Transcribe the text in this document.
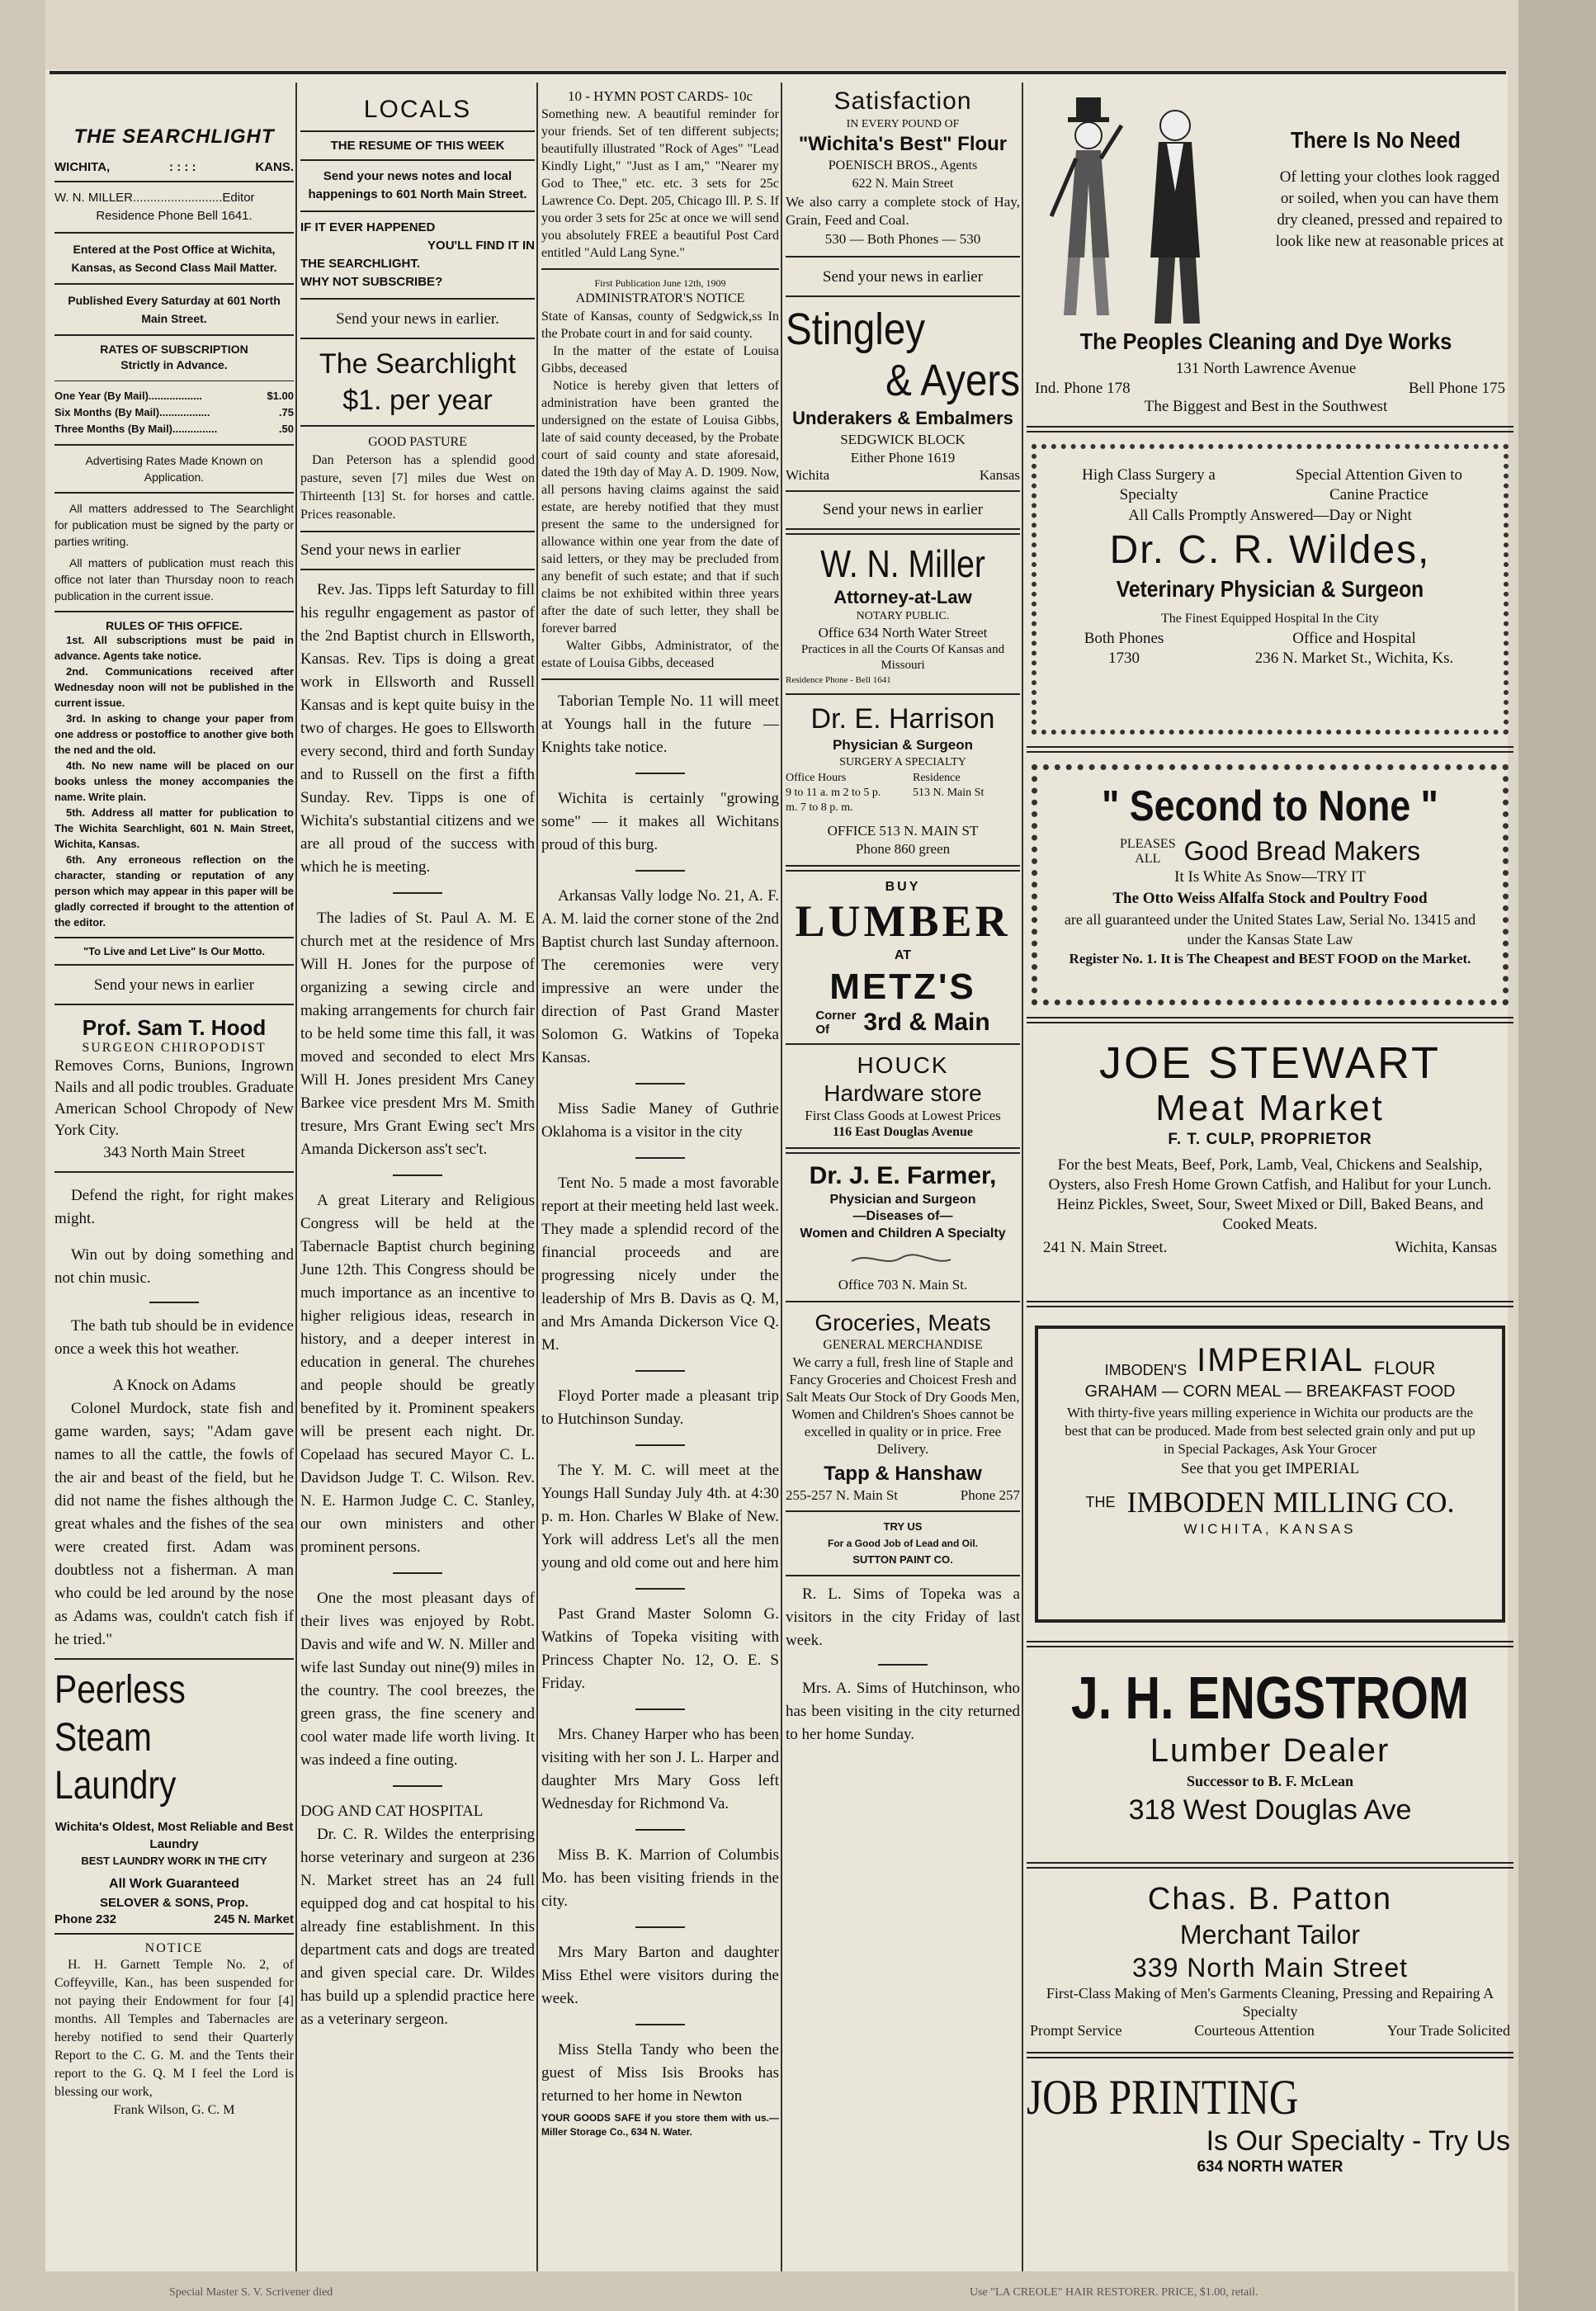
THE SEARCHLIGHT
WICHITA,	: : : :	KANS.

W. N. MILLER..........................Editor

Residence Phone Bell 1641.

Entered at the Post Office at Wichita, Kansas, as Second Class Mail Matter.

Published Every Saturday at 601 North Main Street.

RATES OF SUBSCRIPTION

Strictly in Advance.

One Year (By Mail)..................	$1.00
Six Months (By Mail).................	.75
Three Months (By Mail)...............	.50

Advertising Rates Made Known on Application.

All matters addressed to The Searchlight for publication must be signed by the party or parties writing.

All matters of publication must reach this office not later than Thursday noon to reach publication in the current issue.

RULES OF THIS OFFICE.

1st. All subscriptions must be paid in advance. Agents take notice.

2nd. Communications received after Wednesday noon will not be published in the current issue.

3rd. In asking to change your paper from one address or postoffice to another give both the ned and the old.

4th. No new name will be placed on our books unless the money accompanies the name. Write plain.

5th. Address all matter for publication to The Wichita Searchlight, 601 N. Main Street, Wichita, Kansas.

6th. Any erroneous reflection on the character, standing or reputation of any person which may appear in this paper will be gladly corrected if brought to the attention of the editor.

"To Live and Let Live" Is Our Motto.

Send your news in earlier

Prof. Sam T. Hood

SURGEON CHIROPODIST

Removes Corns, Bunions, Ingrown Nails and all podic troubles. Graduate American School Chropody of New York City.

343 North Main Street

Defend the right, for right makes might.

Win out by doing something and not chin music.

The bath tub should be in evidence once a week this hot weather.

A Knock on Adams

Colonel Murdock, state fish and game warden, says; "Adam gave names to all the cattle, the fowls of the air and beast of the field, but he did not name the fishes although the great whales and the fishes of the sea were created first. Adam was doubtless not a fisherman. A man who could be led around by the nose as Adams was, couldn't catch fish if he tried."

Peerless

Steam

Laundry

Wichita's Oldest, Most Reliable and Best Laundry

BEST LAUNDRY WORK IN THE CITY

All Work Guaranteed

SELOVER & SONS, Prop.

Phone 232	245 N. Market

NOTICE

H. H. Garnett Temple No. 2, of Coffeyville, Kan., has been suspended for not paying their Endowment for four [4] months. All Temples and Tabernacles are hereby notified to send their Quarterly Report to the C. G. M. and the Tents their report to the G. Q. M I feel the Lord is blessing our work,

Frank Wilson, G. C. M

LOCALS

THE RESUME OF THIS WEEK

Send your news notes and local happenings to 601 North Main Street.

IF IT EVER HAPPENED

YOU'LL FIND IT IN

THE SEARCHLIGHT.

WHY NOT SUBSCRIBE?

Send your news in earlier.

The Searchlight

$1. per year

GOOD PASTURE

Dan Peterson has a splendid good pasture, seven [7] miles due West on Thirteenth [13] St. for horses and cattle. Prices reasonable.

Send your news in earlier

Rev. Jas. Tipps left Saturday to fill his regulhr engagement as pastor of the 2nd Baptist church in Ellsworth, Kansas. Rev. Tips is doing a great work in Ellsworth and Russell Kansas and is kept quite buisy in the two of charges. He goes to Ellsworth every second, third and forth Sunday and to Russell on the first a fifth Sunday. Rev. Tipps is one of Wichita's substantial citizens and we are all proud of the success with which he is meeting.

The ladies of St. Paul A. M. E church met at the residence of Mrs Will H. Jones for the purpose of organizing a sewing circle and making arrangements for church fair to be held some time this fall, it was moved and seconded to elect Mrs Will H. Jones president Mrs Caney Barkee vice presdent Mrs M. Smith tresure, Mrs Grant Ewing sec't Mrs Amanda Dickerson ass't sec't.

A great Literary and Religious Congress will be held at the Tabernacle Baptist church begining June 12th. This Congress should be much importance as an incentive to higher religious ideas, research in history, and a deeper interest in education in general. The churehes and people should be greatly benefited by it. Prominent speakers will be present each night. Dr. Copelaad has secured Mayor C. L. Davidson Judge T. C. Wilson. Rev. N. E. Harmon Judge C. C. Stanley, our own ministers and other prominent persons.

One the most pleasant days of their lives was enjoyed by Robt. Davis and wife and W. N. Miller and wife last Sunday out nine(9) miles in the country. The cool breezes, the green grass, the fine scenery and cool water made life worth living. It was indeed a fine outing.

DOG AND CAT HOSPITAL

Dr. C. R. Wildes the enterprising horse veterinary and surgeon at 236 N. Market street has an 24 full equipped dog and cat hospital to his already fine establishment. In this department cats and dogs are treated and given special care. Dr. Wildes has build up a splendid practice here as a veterinary sergeon.

10 - HYMN POST CARDS- 10c

Something new. A beautiful reminder for your friends. Set of ten different subjects; beautifully illustrated "Rock of Ages" "Lead Kindly Light," "Just as I am," "Nearer my God to Thee," etc. etc. 3 sets for 25c Lawrence Co. Dept. 205, Chicago Ill. P. S. If you order 3 sets for 25c at once we will send you absolutely FREE a beautiful Post Card entitled "Auld Lang Syne."

First Publication June 12th, 1909

ADMINISTRATOR'S NOTICE

State of Kansas, county of Sedgwick,ss In the Probate court in and for said county.

In the matter of the estate of Louisa Gibbs, deceased

Notice is hereby given that letters of administration have been granted the undersigned on the estate of Louisa Gibbs, late of said county deceased, by the Probate court of said county and state aforesaid, dated the 19th day of May A. D. 1909. Now, all persons having claims against the said estate, are hereby notified that they must present the same to the undersigned for allowance within one year from the date of said letters, or they may be precluded from any benefit of such estate; and that if such claims be not exhibited within three years after the date of such letter, they shall be forever barred

Walter Gibbs, Administrator, of the estate of Louisa Gibbs, deceased

Taborian Temple No. 11 will meet at Youngs hall in the future — Knights take notice.

Wichita is certainly "growing some" — it makes all Wichitans proud of this burg.

Arkansas Vally lodge No. 21, A. F. A. M. laid the corner stone of the 2nd Baptist church last Sunday afternoon. The ceremonies were very impressive an were under the direction of Past Grand Master Solomon G. Watkins of Topeka Kansas.

Miss Sadie Maney of Guthrie Oklahoma is a visitor in the city

Tent No. 5 made a most favorable report at their meeting held last week. They made a splendid record of the financial proceeds and are progressing nicely under the leadership of Mrs B. Davis as Q. M, and Mrs Amanda Dickerson Vice Q. M.

Floyd Porter made a pleasant trip to Hutchinson Sunday.

The Y. M. C. will meet at the Youngs Hall Sunday July 4th. at 4:30 p. m. Hon. Charles W Blake of New. York will address Let's all the men young and old come out and here him

Past Grand Master Solomn G. Watkins of Topeka visiting with Princess Chapter No. 12, O. E. S Friday.

Mrs. Chaney Harper who has been visiting with her son J. L. Harper and daughter Mrs Mary Goss left Wednesday for Richmond Va.

Miss B. K. Marrion of Columbis Mo. has been visiting friends in the city.

Mrs Mary Barton and daughter Miss Ethel were visitors during the week.

Miss Stella Tandy who been the guest of Miss Isis Brooks has returned to her home in Newton

YOUR GOODS SAFE if you store them with us.—Miller Storage Co., 634 N. Water.

Satisfaction

IN EVERY POUND OF

"Wichita's Best" Flour

POENISCH BROS., Agents

622 N. Main Street

We also carry a complete stock of Hay, Grain, Feed and Coal.

530 — Both Phones — 530

Send your news in earlier

Stingley

& Ayers

Underakers & Embalmers

SEDGWICK BLOCK

Either Phone 1619

Wichita	Kansas

Send your news in earlier

W. N. Miller

Attorney-at-Law

NOTARY PUBLIC.

Office 634 North Water Street

Practices in all the Courts Of Kansas and Missouri

Residence Phone - Bell 1641

Dr. E. Harrison

Physician & Surgeon

SURGERY A SPECIALTY

Office Hours

9 to 11 a. m 2 to 5 p. m. 7 to 8 p. m.

Residence

513 N. Main St

OFFICE 513 N. MAIN ST

Phone 860 green

BUY

LUMBER

AT

METZ'S

Corner Of	3rd & Main

HOUCK

Hardware store

First Class Goods at Lowest Prices

116 East Douglas Avenue

Dr. J. E. Farmer,

Physician and Surgeon

—Diseases of—

Women and Children A Specialty

Office 703 N. Main St.

Groceries, Meats

GENERAL MERCHANDISE

We carry a full, fresh line of Staple and Fancy Groceries and Choicest Fresh and Salt Meats Our Stock of Dry Goods Men, Women and Children's Shoes cannot be excelled in quality or in price. Free Delivery.

Tapp & Hanshaw

255-257 N. Main St	Phone 257

TRY US

For a Good Job of Lead and Oil.

SUTTON PAINT CO.

R. L. Sims of Topeka was a visitors in the city Friday of last week.

Mrs. A. Sims of Hutchinson, who has been visiting in the city returned to her home Sunday.

There Is No Need

Of letting your clothes look ragged or soiled, when you can have them dry cleaned, pressed and repaired to look like new at reasonable prices at

The Peoples Cleaning and Dye Works

131 North Lawrence Avenue

Ind. Phone 178	Bell Phone 175

The Biggest and Best in the Southwest

High Class Surgery a Specialty

Special Attention Given to Canine Practice

All Calls Promptly Answered—Day or Night

Dr. C. R. Wildes,

Veterinary Physician & Surgeon

The Finest Equipped Hospital In the City

Both Phones

1730

Office and Hospital

236 N. Market St., Wichita, Ks.

" Second to None "

PLEASES

ALL Good Bread Makers

It Is White As Snow—TRY IT

The Otto Weiss Alfalfa Stock and Poultry Food

are all guaranteed under the United States Law, Serial No. 13415 and under the Kansas State Law

Register No. 1. It is The Cheapest and BEST FOOD on the Market.

JOE STEWART

Meat Market

F. T. CULP, PROPRIETOR

For the best Meats, Beef, Pork, Lamb, Veal, Chickens and Sealship, Oysters, also Fresh Home Grown Catfish, and Halibut for your Lunch. Heinz Pickles, Sweet, Sour, Sweet Mixed or Dill, Baked Beans, and Cooked Meats.

241 N. Main Street.	Wichita, Kansas
IMBODEN'S IMPERIAL FLOUR

GRAHAM — CORN MEAL — BREAKFAST FOOD

With thirty-five years milling experience in Wichita our products are the best that can be produced. Made from best selected grain only and put up in Special Packages, Ask Your Grocer

See that you get IMPERIAL

THE IMBODEN MILLING CO.

WICHITA, KANSAS

J. H. ENGSTROM

Lumber Dealer

Successor to B. F. McLean

318 West Douglas Ave

Chas. B. Patton

Merchant Tailor

339 North Main Street

First-Class Making of Men's Garments Cleaning, Pressing and Repairing A Specialty

Prompt Service	Courteous Attention	Your Trade Solicited

JOB PRINTING

Is Our Specialty - Try Us

634 NORTH WATER

Special Master S. V. Scrivener died	Use "LA CREOLE" HAIR RESTORER. PRICE, $1.00, retail.
